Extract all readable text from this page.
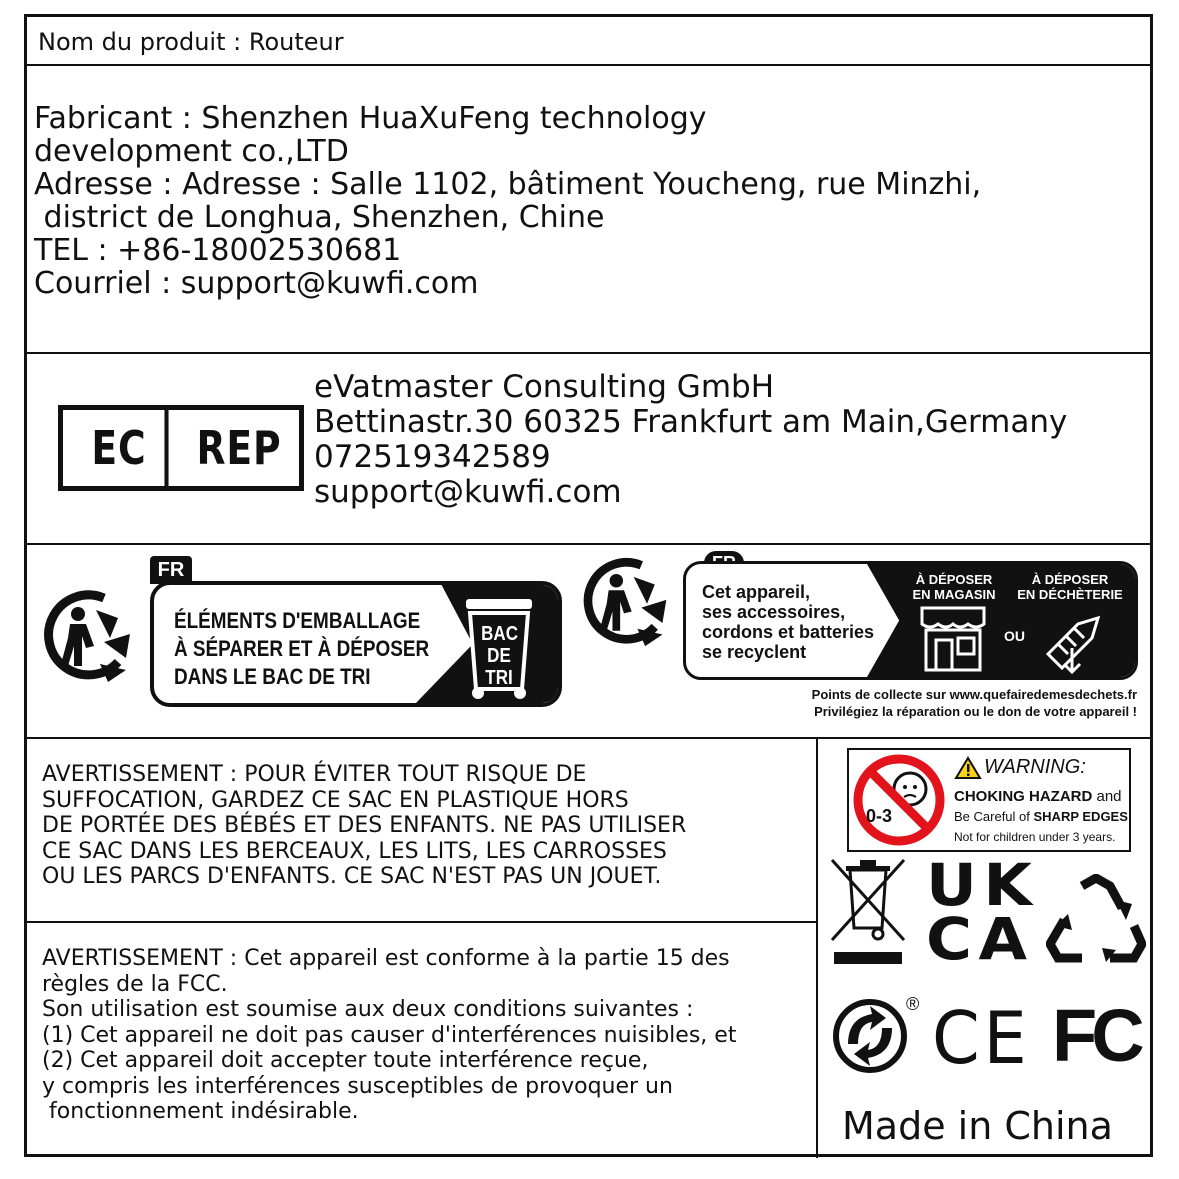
Nom du produit : Routeur
Fabricant : Shenzhen HuaXuFeng technology
development co.,LTD
Adresse : Adresse : Salle 1102, bâtiment Youcheng, rue Minzhi,
district de Longhua, Shenzhen, Chine
TEL : +86-18002530681
Courriel : support@kuwfi.com
EC	REP
eVatmaster Consulting GmbH
Bettinastr.30 60325 Frankfurt am Main,Germany
072519342589
support@kuwfi.com
FR
ÉLÉMENTS D'EMBALLAGE
À SÉPARER ET À DÉPOSER
DANS LE BAC DE TRI
BAC
DE
TRI
Cet appareil,
ses accessoires,
cordons et batteries
se recyclent
À DÉPOSER
EN MAGASIN
À DÉPOSER
EN DÉCHÈTERIE
OU
Points de collecte sur www.quefairedemesdechets.fr
Privilégiez la réparation ou le don de votre appareil !
AVERTISSEMENT : POUR ÉVITER TOUT RISQUE DE
SUFFOCATION, GARDEZ CE SAC EN PLASTIQUE HORS
DE PORTÉE DES BÉBÉS ET DES ENFANTS. NE PAS UTILISER
CE SAC DANS LES BERCEAUX, LES LITS, LES CARROSSES
OU LES PARCS D'ENFANTS. CE SAC N'EST PAS UN JOUET.
AVERTISSEMENT : Cet appareil est conforme à la partie 15 des
règles de la FCC.
Son utilisation est soumise aux deux conditions suivantes :
(1) Cet appareil ne doit pas causer d'interférences nuisibles, et
(2) Cet appareil doit accepter toute interférence reçue,
y compris les interférences susceptibles de provoquer un
fonctionnement indésirable.
0-3
WARNING:
CHOKING HAZARD and
Be Careful of SHARP EDGES
Not for children under 3 years.
UK
CA
® CE FC
Made in China
